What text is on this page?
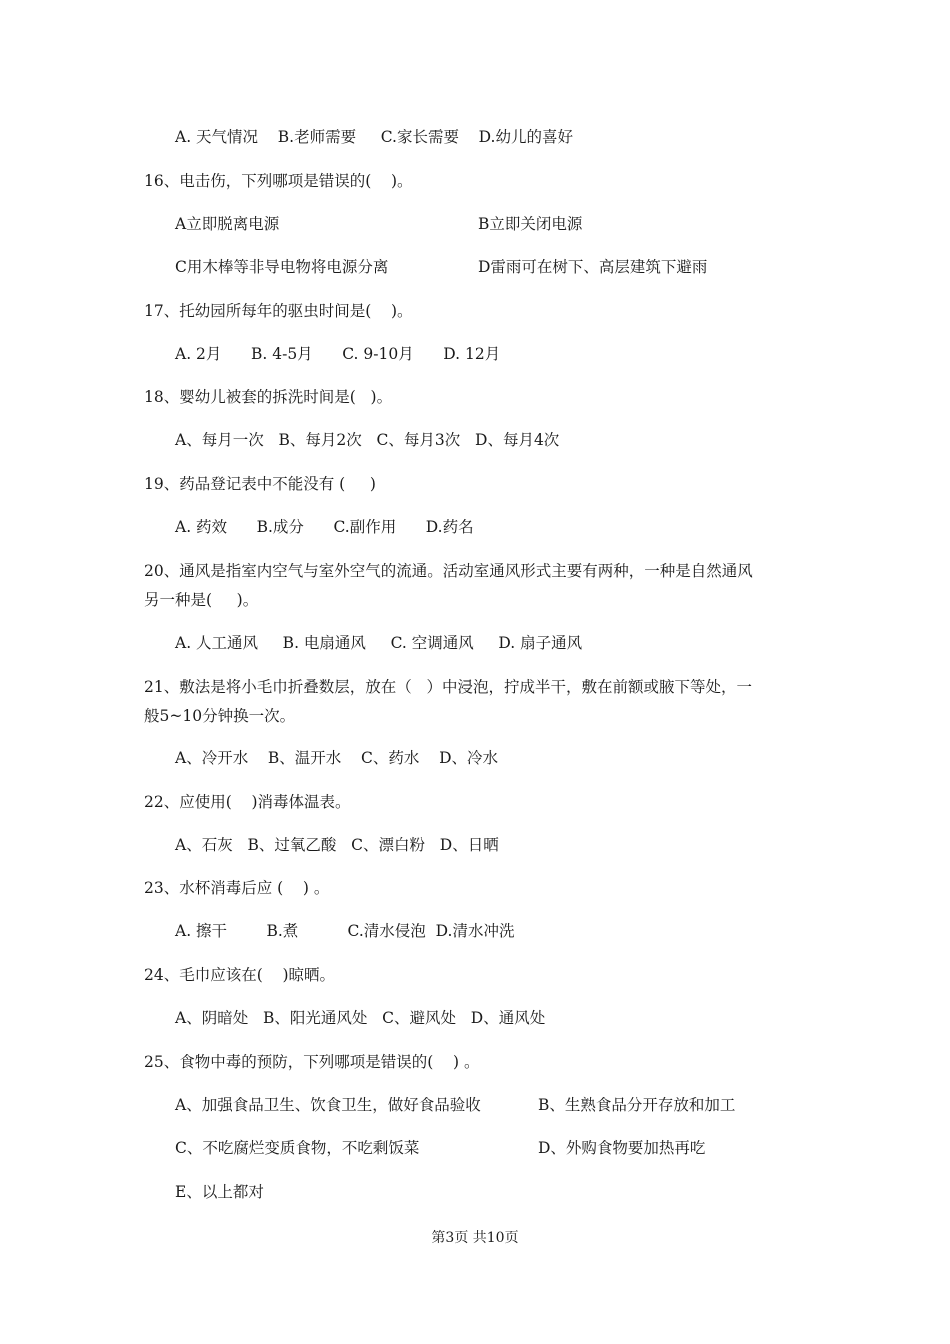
A. 天气情况    B.老师需要     C.家长需要    D.幼儿的喜好
16、电击伤，下列哪项是错误的(    )。
A立即脱离电源	B立即关闭电源
C用木棒等非导电物将电源分离	D雷雨可在树下、高层建筑下避雨
17、托幼园所每年的驱虫时间是(    )。
A. 2月      B. 4-5月      C. 9-10月      D. 12月
18、婴幼儿被套的拆洗时间是(   )。
A、每月一次   B、每月2次   C、每月3次   D、每月4次
19、药品登记表中不能没有 (     )
A. 药效      B.成分      C.副作用      D.药名
20、通风是指室内空气与室外空气的流通。活动室通风形式主要有两种，一种是自然通风
另一种是(     )。
A. 人工通风     B. 电扇通风     C. 空调通风     D. 扇子通风
21、敷法是将小毛巾折叠数层，放在（   ）中浸泡，拧成半干，敷在前额或腋下等处，一
般5~10分钟换一次。
A、冷开水    B、温开水    C、药水    D、冷水
22、应使用(    )消毒体温表。
A、石灰   B、过氧乙酸   C、漂白粉   D、日晒
23、水杯消毒后应 (    ) 。
A. 擦干        B.煮          C.清水侵泡  D.清水冲洗
24、毛巾应该在(    )晾晒。
A、阴暗处   B、阳光通风处   C、避风处   D、通风处
25、食物中毒的预防，下列哪项是错误的(    ) 。
A、加强食品卫生、饮食卫生，做好食品验收	B、生熟食品分开存放和加工
C、不吃腐烂变质食物，不吃剩饭菜	D、外购食物要加热再吃
E、以上都对
第3页 共10页
